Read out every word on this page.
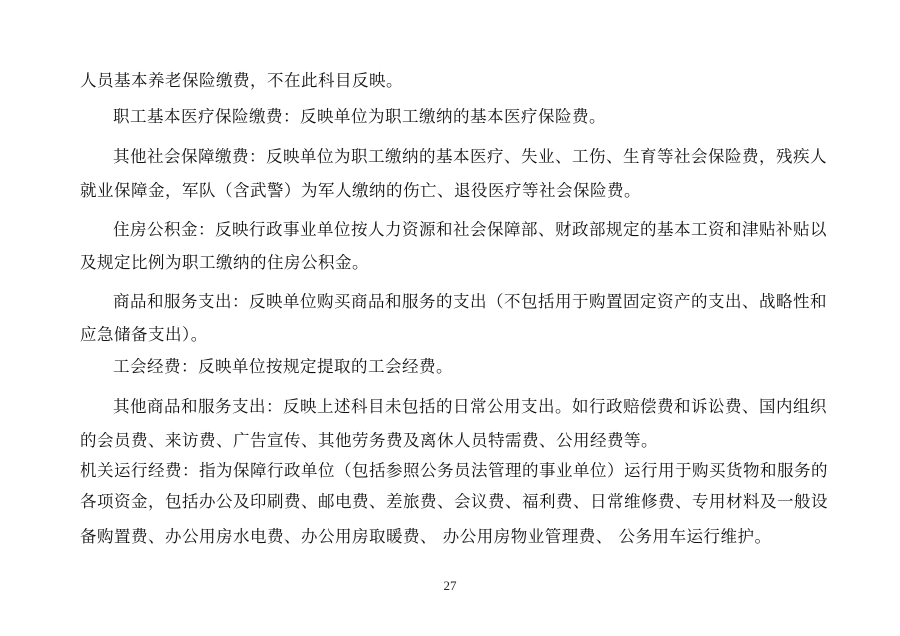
人员基本养老保险缴费，不在此科目反映。
职工基本医疗保险缴费：反映单位为职工缴纳的基本医疗保险费。
其他社会保障缴费：反映单位为职工缴纳的基本医疗、失业、工伤、生育等社会保险费，残疾人
就业保障金，军队（含武警）为军人缴纳的伤亡、退役医疗等社会保险费。
住房公积金：反映行政事业单位按人力资源和社会保障部、财政部规定的基本工资和津贴补贴以
及规定比例为职工缴纳的住房公积金。
商品和服务支出：反映单位购买商品和服务的支出（不包括用于购置固定资产的支出、战略性和
应急储备支出）。
工会经费：反映单位按规定提取的工会经费。
其他商品和服务支出：反映上述科目未包括的日常公用支出。如行政赔偿费和诉讼费、国内组织
的会员费、来访费、广告宣传、其他劳务费及离休人员特需费、公用经费等。
机关运行经费：指为保障行政单位（包括参照公务员法管理的事业单位）运行用于购买货物和服务的
各项资金，包括办公及印刷费、邮电费、差旅费、会议费、福利费、日常维修费、专用材料及一般设
备购置费、办公用房水电费、办公用房取暖费、 办公用房物业管理费、 公务用车运行维护。
27
